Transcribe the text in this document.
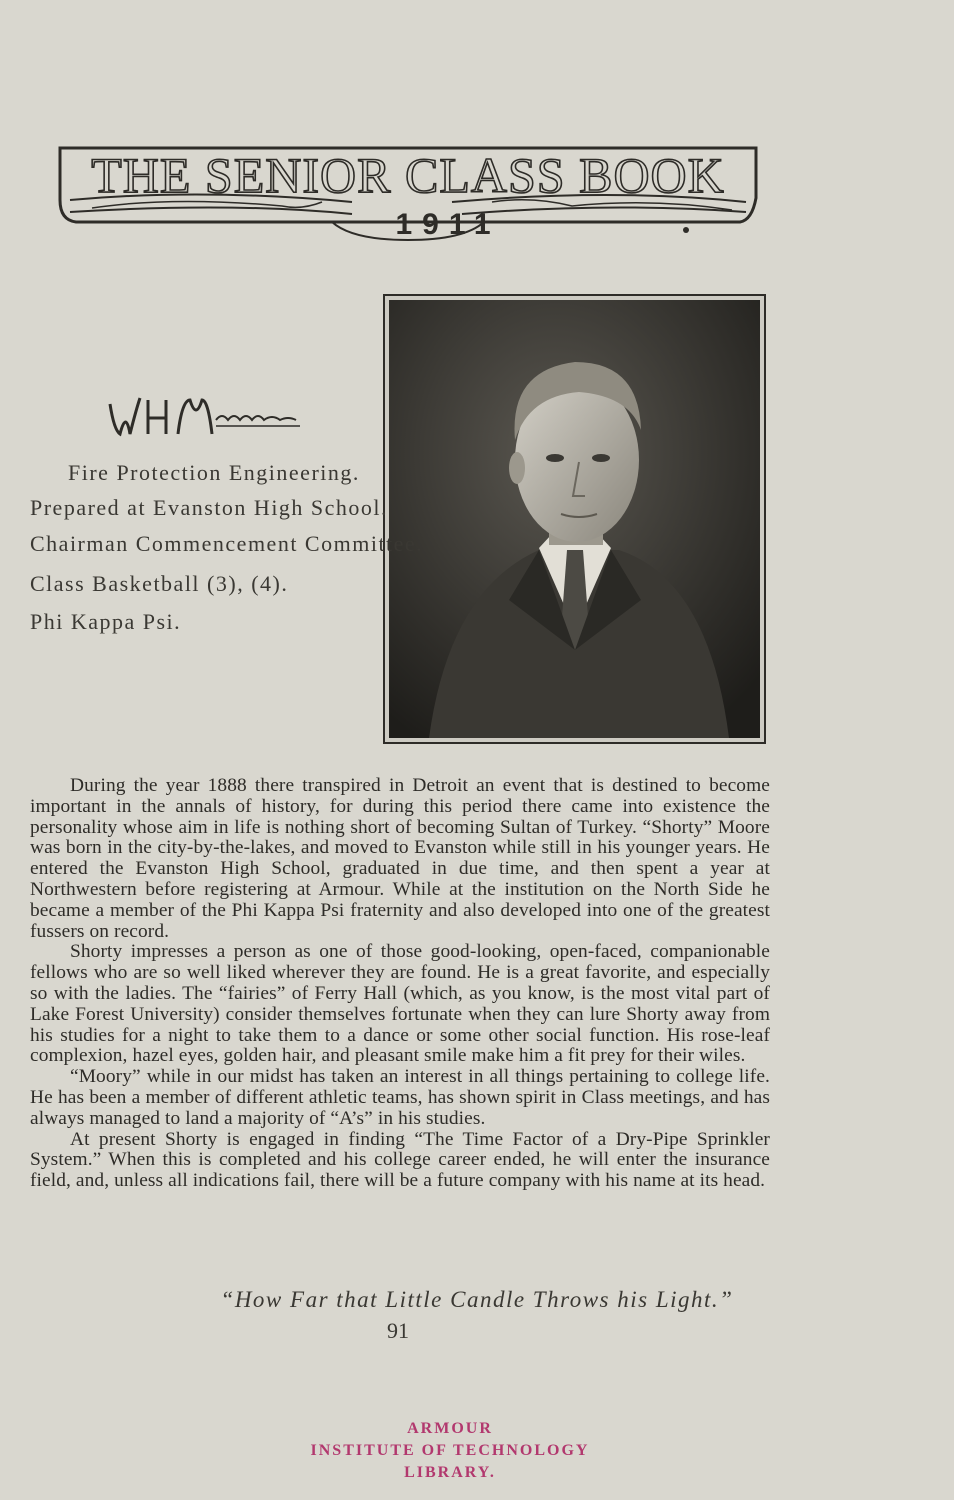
THE SENIOR CLASS BOOK
1911
Fire Protection Engineering.
Prepared at Evanston High School.
Chairman Commencement Committee.
Class Basketball (3), (4).
Phi Kappa Psi.

During the year 1888 there transpired in Detroit an event that is destined to become important in the annals of history, for during this period there came into existence the personality whose aim in life is nothing short of becoming Sultan of Turkey. “Shorty” Moore was born in the city-by-the-lakes, and moved to Evanston while still in his younger years. He entered the Evanston High School, graduated in due time, and then spent a year at Northwestern before registering at Armour. While at the institution on the North Side he became a member of the Phi Kappa Psi fraternity and also developed into one of the greatest fussers on record.

Shorty impresses a person as one of those good-looking, open-faced, companionable fellows who are so well liked wherever they are found. He is a great favorite, and especially so with the ladies. The “fairies” of Ferry Hall (which, as you know, is the most vital part of Lake Forest University) consider themselves fortunate when they can lure Shorty away from his studies for a night to take them to a dance or some other social function. His rose-leaf complexion, hazel eyes, golden hair, and pleasant smile make him a fit prey for their wiles.

“Moory” while in our midst has taken an interest in all things pertaining to college life. He has been a member of different athletic teams, has shown spirit in Class meetings, and has always managed to land a majority of “A’s” in his studies.

At present Shorty is engaged in finding “The Time Factor of a Dry-Pipe Sprinkler System.” When this is completed and his college career ended, he will enter the insurance field, and, unless all indications fail, there will be a future company with his name at its head.

“How Far that Little Candle Throws his Light.”
91
ARMOUR
INSTITUTE OF TECHNOLOGY
LIBRARY.
